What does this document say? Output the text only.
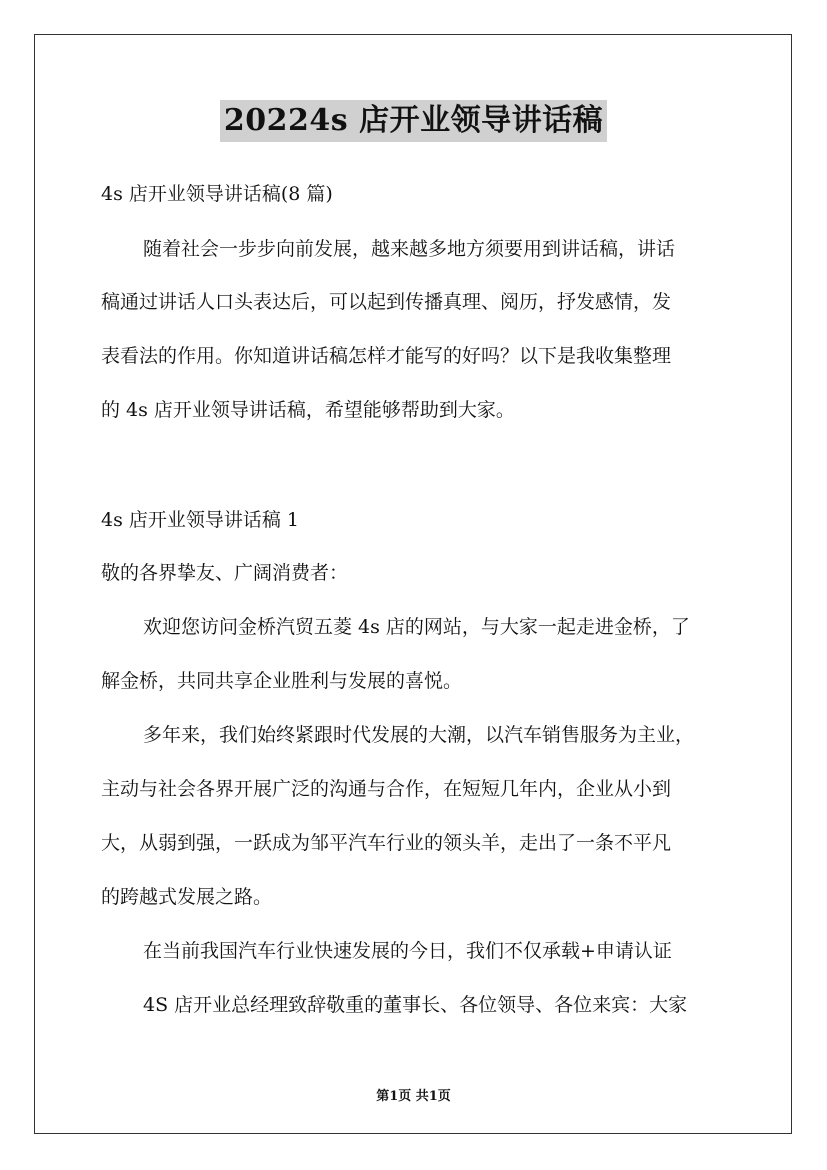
20224s 店开业领导讲话稿
4s 店开业领导讲话稿(8 篇)
随着社会一步步向前发展，越来越多地方须要用到讲话稿，讲话
稿通过讲话人口头表达后，可以起到传播真理、阅历，抒发感情，发
表看法的作用。你知道讲话稿怎样才能写的好吗？以下是我收集整理
的 4s 店开业领导讲话稿，希望能够帮助到大家。
4s 店开业领导讲话稿 1
敬的各界挚友、广阔消费者：
欢迎您访问金桥汽贸五菱 4s 店的网站，与大家一起走进金桥，了
解金桥，共同共享企业胜利与发展的喜悦。
多年来，我们始终紧跟时代发展的大潮，以汽车销售服务为主业，
主动与社会各界开展广泛的沟通与合作，在短短几年内，企业从小到
大，从弱到强，一跃成为邹平汽车行业的领头羊，走出了一条不平凡
的跨越式发展之路。
在当前我国汽车行业快速发展的今日，我们不仅承载+申请认证
4S 店开业总经理致辞敬重的董事长、各位领导、各位来宾：大家
第1页 共1页
